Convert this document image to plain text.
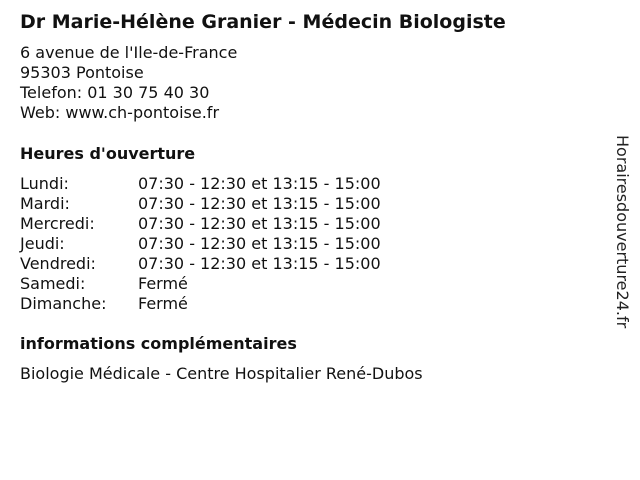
Dr Marie-Hélène Granier - Médecin Biologiste
6 avenue de l'Ile-de-France
95303 Pontoise
Telefon: 01 30 75 40 30
Web: www.ch-pontoise.fr
Heures d'ouverture
Lundi:	07:30 - 12:30 et 13:15 - 15:00
Mardi:	07:30 - 12:30 et 13:15 - 15:00
Mercredi:	07:30 - 12:30 et 13:15 - 15:00
Jeudi:	07:30 - 12:30 et 13:15 - 15:00
Vendredi:	07:30 - 12:30 et 13:15 - 15:00
Samedi:	Fermé
Dimanche:	Fermé
informations complémentaires
Biologie Médicale - Centre Hospitalier René-Dubos
Horairesdouverture24.fr
